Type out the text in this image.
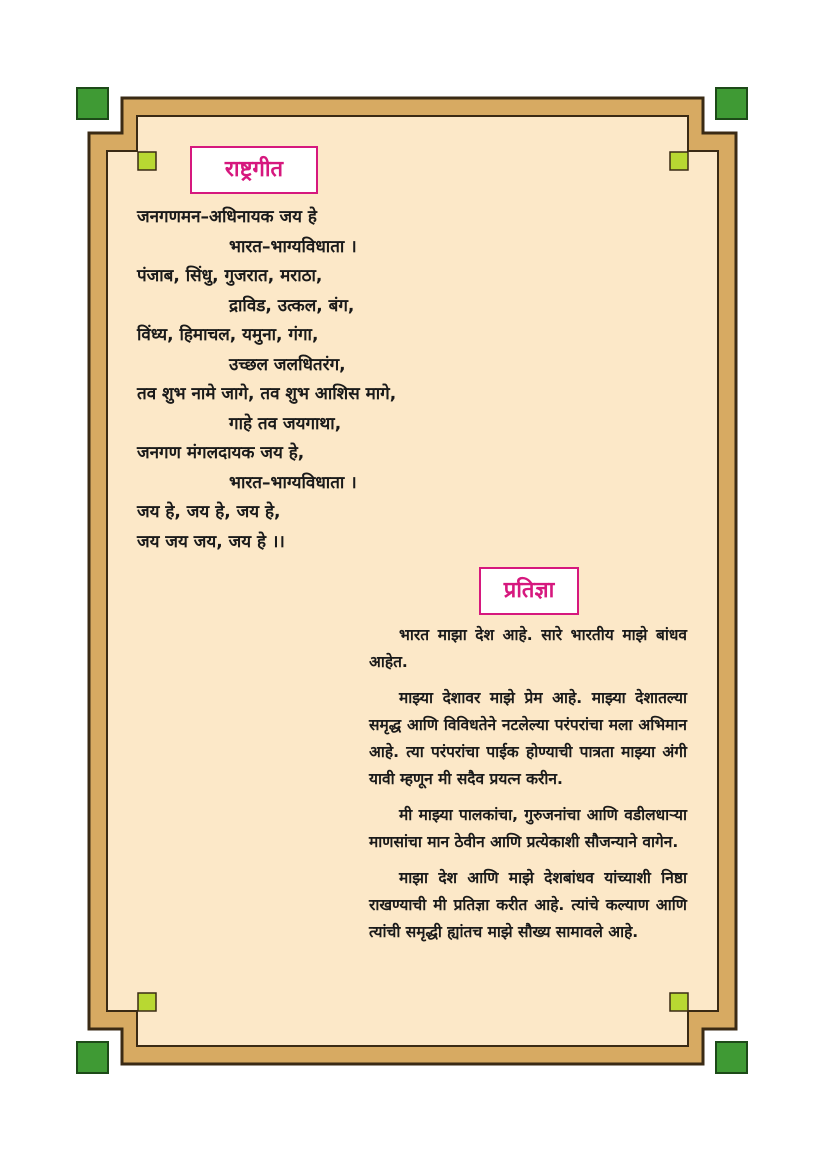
राष्ट्रगीत
जनगणमन–अधिनायक जय हे
भारत–भाग्यविधाता ।
पंजाब, सिंधु, गुजरात, मराठा,
द्राविड, उत्कल, बंग,
विंध्य, हिमाचल, यमुना, गंगा,
उच्छल जलधितरंग,
तव शुभ नामे जागे, तव शुभ आशिस मागे,
गाहे तव जयगाथा,
जनगण मंगलदायक जय हे,
भारत–भाग्यविधाता ।
जय हे, जय हे, जय हे,
जय जय जय, जय हे ।।
प्रतिज्ञा

भारत माझा देश आहे. सारे भारतीय माझे बांधव आहेत.

माझ्या देशावर माझे प्रेम आहे. माझ्या देशातल्या समृद्ध आणि विविधतेने नटलेल्या परंपरांचा मला अभिमान आहे. त्या परंपरांचा पाईक होण्याची पात्रता माझ्या अंगी यावी म्हणून मी सदैव प्रयत्न करीन.

मी माझ्या पालकांचा, गुरुजनांचा आणि वडीलधाऱ्या माणसांचा मान ठेवीन आणि प्रत्येकाशी सौजन्याने वागेन.

माझा देश आणि माझे देशबांधव यांच्याशी निष्ठा राखण्याची मी प्रतिज्ञा करीत आहे. त्यांचे कल्याण आणि त्यांची समृद्धी ह्यांतच माझे सौख्य सामावले आहे.
